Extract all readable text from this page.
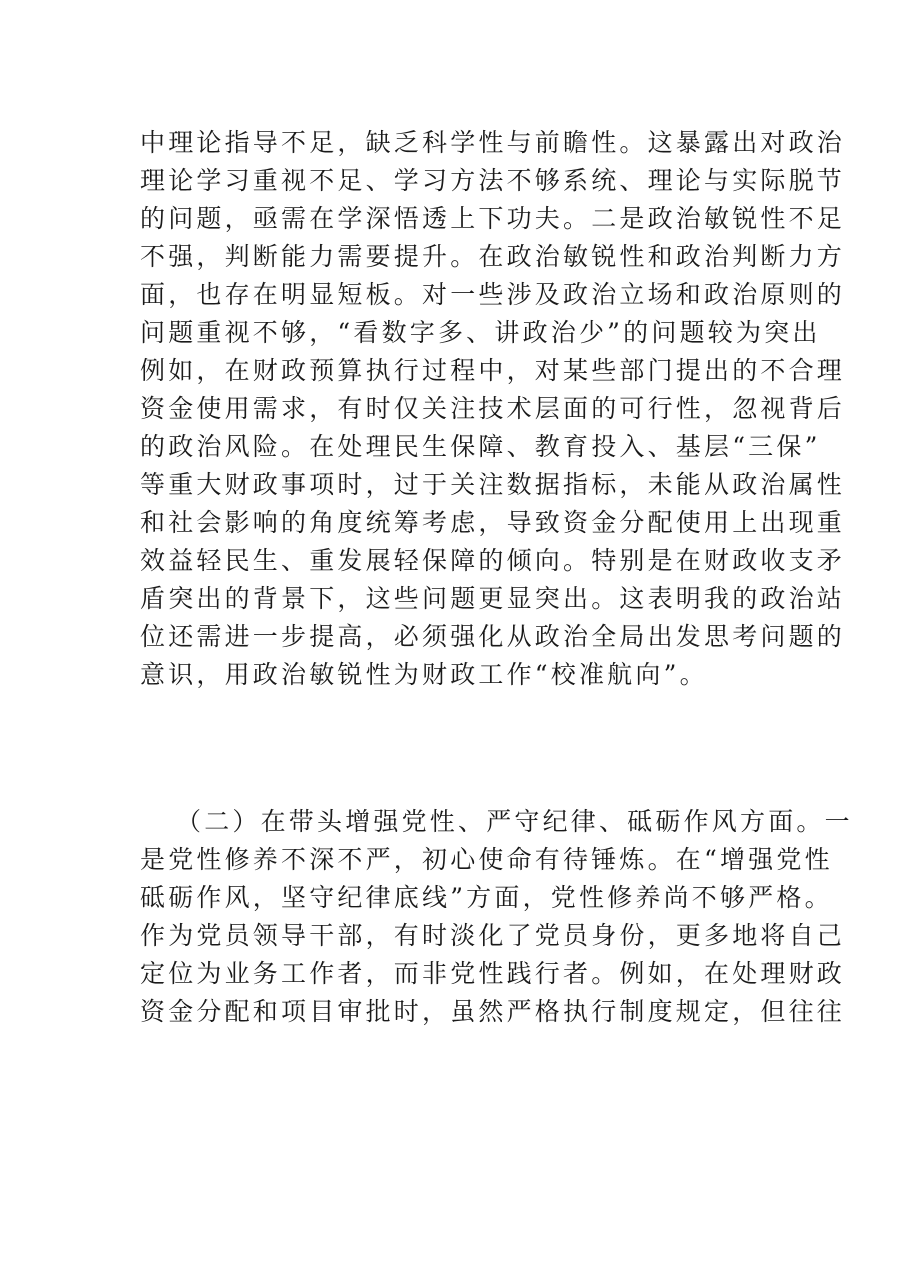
中理论指导不足，缺乏科学性与前瞻性。这暴露出对政治
理论学习重视不足、学习方法不够系统、理论与实际脱节
的问题，亟需在学深悟透上下功夫。二是政治敏锐性不足
不强，判断能力需要提升。在政治敏锐性和政治判断力方
面，也存在明显短板。对一些涉及政治立场和政治原则的
问题重视不够，“看数字多、讲政治少”的问题较为突出
例如，在财政预算执行过程中，对某些部门提出的不合理
资金使用需求，有时仅关注技术层面的可行性，忽视背后
的政治风险。在处理民生保障、教育投入、基层“三保”
等重大财政事项时，过于关注数据指标，未能从政治属性
和社会影响的角度统筹考虑，导致资金分配使用上出现重
效益轻民生、重发展轻保障的倾向。特别是在财政收支矛
盾突出的背景下，这些问题更显突出。这表明我的政治站
位还需进一步提高，必须强化从政治全局出发思考问题的
意识，用政治敏锐性为财政工作“校准航向”。
（二）在带头增强党性、严守纪律、砥砺作风方面。一
是党性修养不深不严，初心使命有待锤炼。在“增强党性
砥砺作风，坚守纪律底线”方面，党性修养尚不够严格。
作为党员领导干部，有时淡化了党员身份，更多地将自己
定位为业务工作者，而非党性践行者。例如，在处理财政
资金分配和项目审批时，虽然严格执行制度规定，但往往
